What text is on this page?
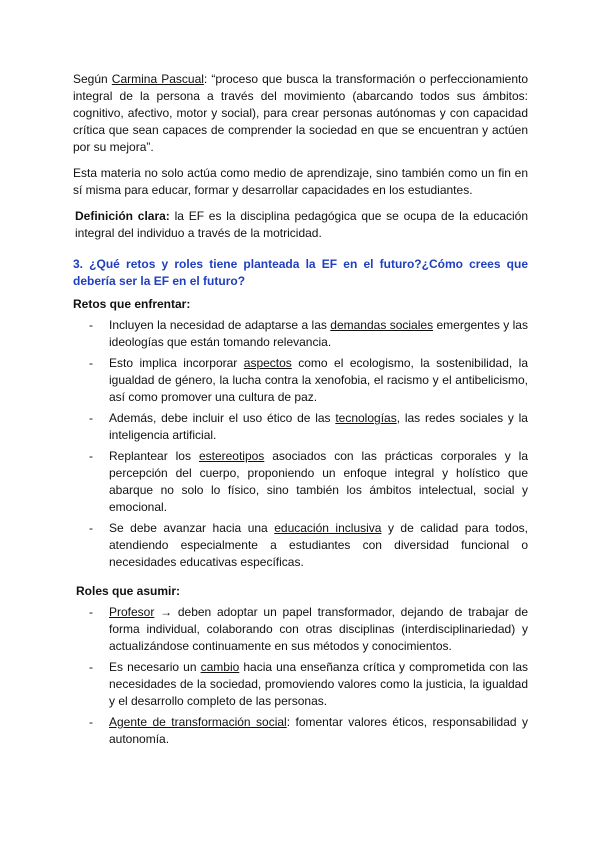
Según Carmina Pascual: “proceso que busca la transformación o perfeccionamiento integral de la persona a través del movimiento (abarcando todos sus ámbitos: cognitivo, afectivo, motor y social), para crear personas autónomas y con capacidad crítica que sean capaces de comprender la sociedad en que se encuentran y actúen por su mejora”.

Esta materia no solo actúa como medio de aprendizaje, sino también como un fin en sí misma para educar, formar y desarrollar capacidades en los estudiantes.

Definición clara: la EF es la disciplina pedagógica que se ocupa de la educación integral del individuo a través de la motricidad.

3. ¿Qué retos y roles tiene planteada la EF en el futuro?¿Cómo crees que debería ser la EF en el futuro?

Retos que enfrentar:

- Incluyen la necesidad de adaptarse a las demandas sociales emergentes y las ideologías que están tomando relevancia.
- Esto implica incorporar aspectos como el ecologismo, la sostenibilidad, la igualdad de género, la lucha contra la xenofobia, el racismo y el antibelicismo, así como promover una cultura de paz.
- Además, debe incluir el uso ético de las tecnologías, las redes sociales y la inteligencia artificial.
- Replantear los estereotipos asociados con las prácticas corporales y la percepción del cuerpo, proponiendo un enfoque integral y holístico que abarque no solo lo físico, sino también los ámbitos intelectual, social y emocional.
- Se debe avanzar hacia una educación inclusiva y de calidad para todos, atendiendo especialmente a estudiantes con diversidad funcional o necesidades educativas específicas.

Roles que asumir:

- Profesor → deben adoptar un papel transformador, dejando de trabajar de forma individual, colaborando con otras disciplinas (interdisciplinariedad) y actualizándose continuamente en sus métodos y conocimientos.
- Es necesario un cambio hacia una enseñanza crítica y comprometida con las necesidades de la sociedad, promoviendo valores como la justicia, la igualdad y el desarrollo completo de las personas.
- Agente de transformación social: fomentar valores éticos, responsabilidad y autonomía.
